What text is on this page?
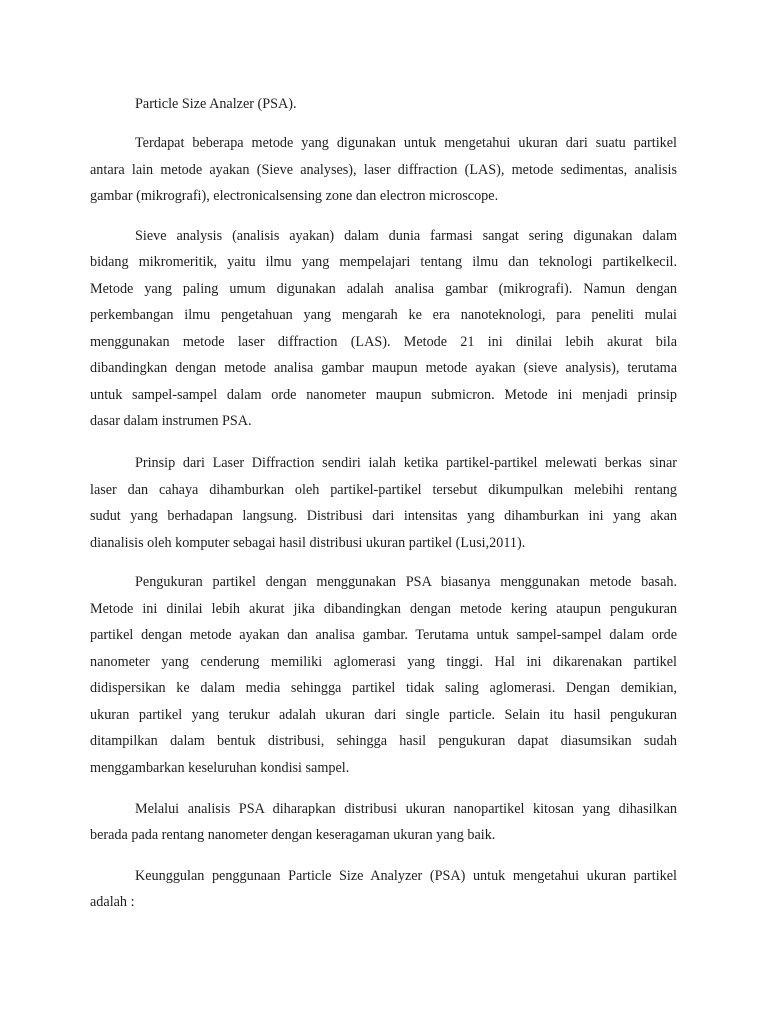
Particle Size Analzer (PSA).
Terdapat beberapa metode yang digunakan untuk mengetahui ukuran dari suatu partikel
antara lain metode ayakan (Sieve analyses), laser diffraction (LAS), metode sedimentas, analisis
gambar (mikrografi), electronicalsensing zone dan electron microscope.
Sieve analysis (analisis ayakan) dalam dunia farmasi sangat sering digunakan dalam
bidang mikromeritik, yaitu ilmu yang mempelajari tentang ilmu dan teknologi partikelkecil.
Metode yang paling umum digunakan adalah analisa gambar (mikrografi). Namun dengan
perkembangan ilmu pengetahuan yang mengarah ke era nanoteknologi, para peneliti mulai
menggunakan metode laser diffraction (LAS). Metode 21 ini dinilai lebih akurat bila
dibandingkan dengan metode analisa gambar maupun metode ayakan (sieve analysis), terutama
untuk sampel-sampel dalam orde nanometer maupun submicron. Metode ini menjadi prinsip
dasar dalam instrumen PSA.
Prinsip dari Laser Diffraction sendiri ialah ketika partikel-partikel melewati berkas sinar
laser dan cahaya dihamburkan oleh partikel-partikel tersebut dikumpulkan melebihi rentang
sudut yang berhadapan langsung. Distribusi dari intensitas yang dihamburkan ini yang akan
dianalisis oleh komputer sebagai hasil distribusi ukuran partikel (Lusi,2011).
Pengukuran partikel dengan menggunakan PSA biasanya menggunakan metode basah.
Metode ini dinilai lebih akurat jika dibandingkan dengan metode kering ataupun pengukuran
partikel dengan metode ayakan dan analisa gambar. Terutama untuk sampel-sampel dalam orde
nanometer yang cenderung memiliki aglomerasi yang tinggi. Hal ini dikarenakan partikel
didispersikan ke dalam media sehingga partikel tidak saling aglomerasi. Dengan demikian,
ukuran partikel yang terukur adalah ukuran dari single particle. Selain itu hasil pengukuran
ditampilkan dalam bentuk distribusi, sehingga hasil pengukuran dapat diasumsikan sudah
menggambarkan keseluruhan kondisi sampel.
Melalui analisis PSA diharapkan distribusi ukuran nanopartikel kitosan yang dihasilkan
berada pada rentang nanometer dengan keseragaman ukuran yang baik.
Keunggulan penggunaan Particle Size Analyzer (PSA) untuk mengetahui ukuran partikel
adalah :
